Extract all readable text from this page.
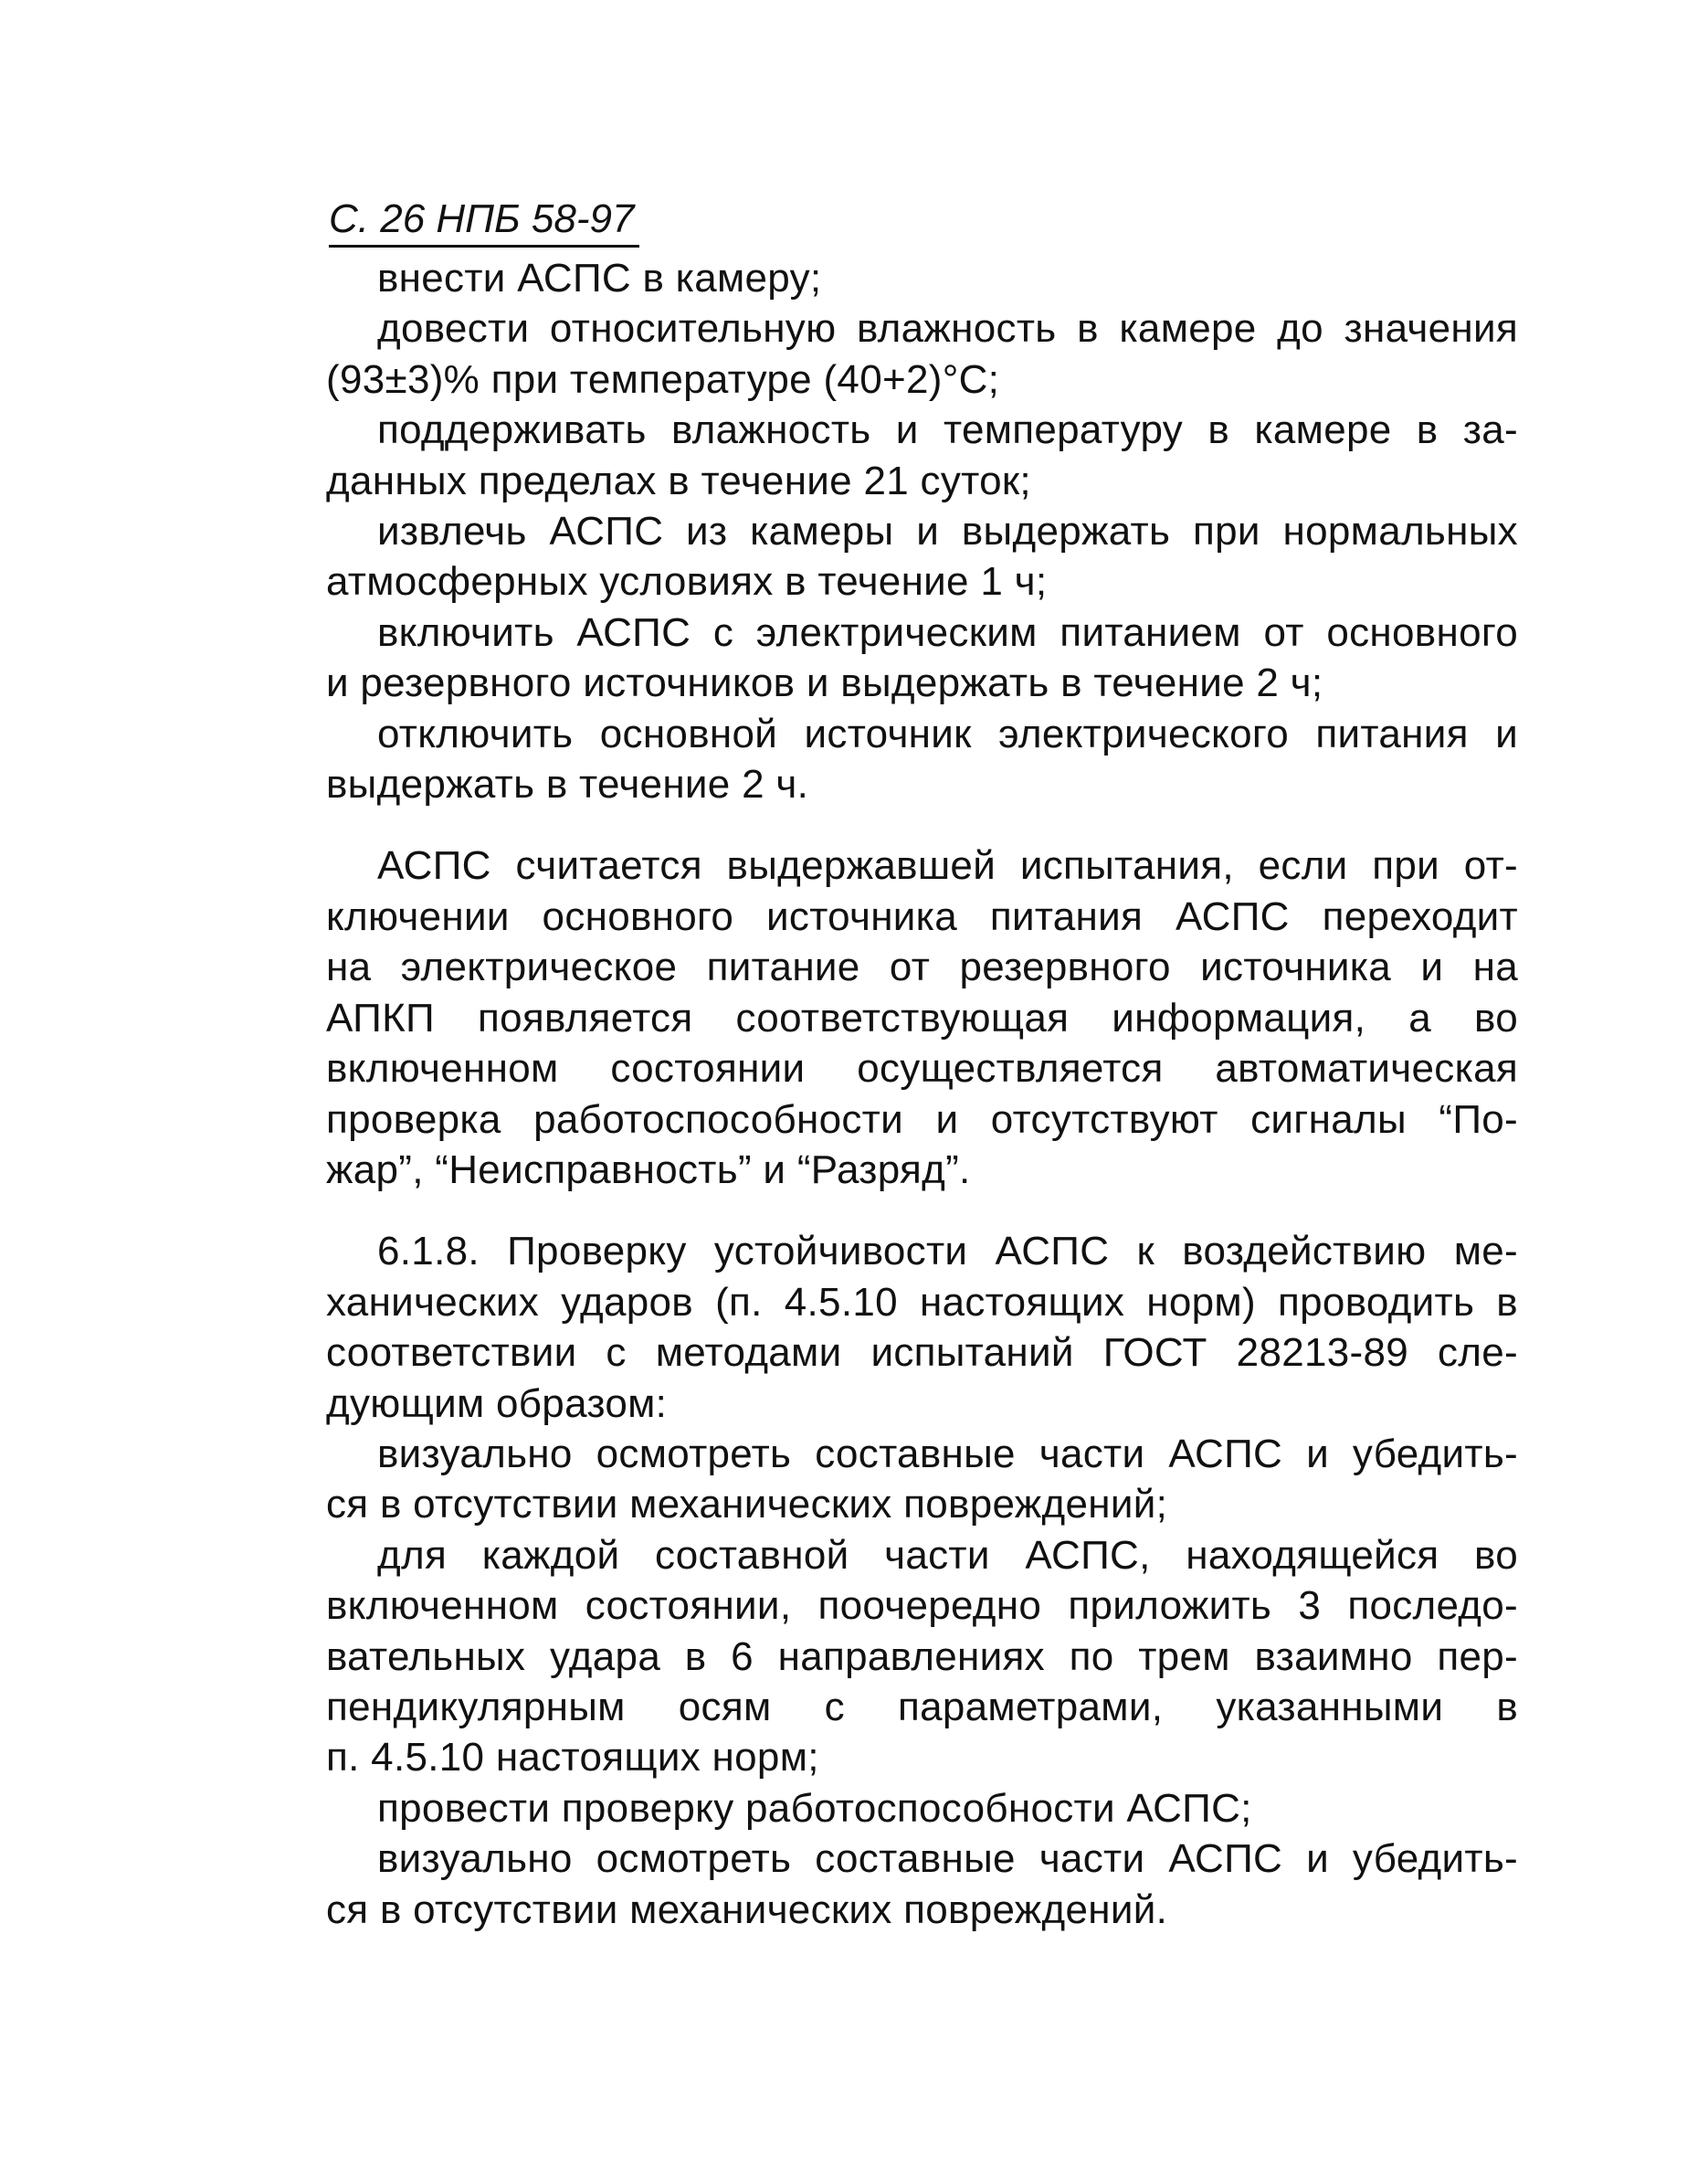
С. 26 НПБ 58-97
внести АСПС в камеру;
довести относительную влажность в камере до значения
(93±3)% при температуре (40+2)°С;
поддерживать влажность и температуру в камере в за-
данных пределах в течение 21 суток;
извлечь АСПС из камеры и выдержать при нормальных
атмосферных условиях в течение 1 ч;
включить АСПС с электрическим питанием от основного
и резервного источников и выдержать в течение 2 ч;
отключить основной источник электрического питания и
выдержать в течение 2 ч.
АСПС считается выдержавшей испытания, если при от-
ключении основного источника питания АСПС переходит
на электрическое питание от резервного источника и на
АПКП появляется соответствующая информация, а во
включенном состоянии осуществляется автоматическая
проверка работоспособности и отсутствуют сигналы “По-
жар”, “Неисправность” и “Разряд”.
6.1.8. Проверку устойчивости АСПС к воздействию ме-
ханических ударов (п. 4.5.10 настоящих норм) проводить в
соответствии с методами испытаний ГОСТ 28213-89 сле-
дующим образом:
визуально осмотреть составные части АСПС и убедить-
ся в отсутствии механических повреждений;
для каждой составной части АСПС, находящейся во
включенном состоянии, поочередно приложить 3 последо-
вательных удара в 6 направлениях по трем взаимно пер-
пендикулярным осям с параметрами, указанными в
п. 4.5.10 настоящих норм;
провести проверку работоспособности АСПС;
визуально осмотреть составные части АСПС и убедить-
ся в отсутствии механических повреждений.
